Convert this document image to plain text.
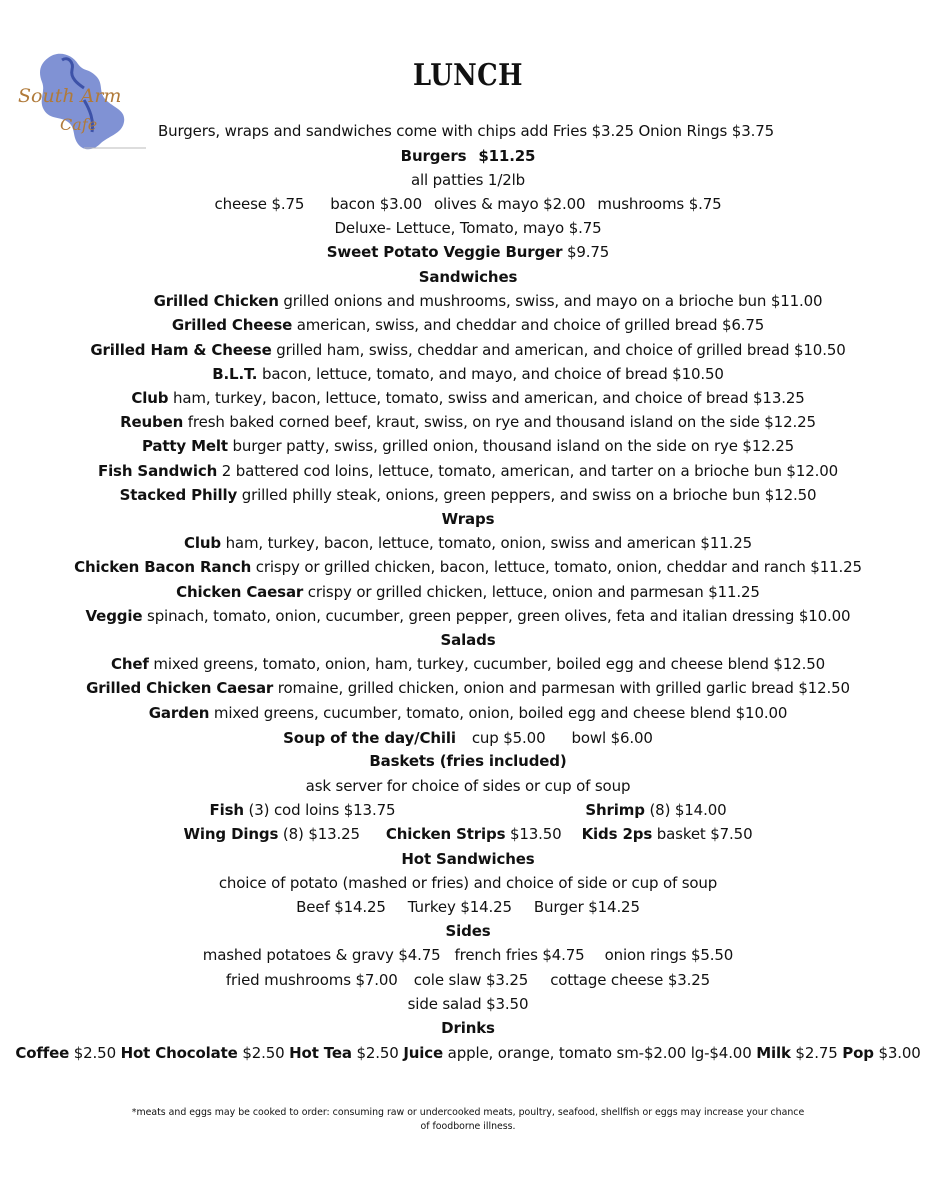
South Arm
Cafe
LUNCH
Burgers, wraps and sandwiches come with chips add Fries $3.25 Onion Rings $3.75
Burgers $11.25
all patties 1/2lb
cheese $.75 bacon $3.00 olives & mayo $2.00 mushrooms $.75
Deluxe- Lettuce, Tomato, mayo $.75
Sweet Potato Veggie Burger $9.75
Sandwiches
Grilled Chicken grilled onions and mushrooms, swiss, and mayo on a brioche bun $11.00
Grilled Cheese american, swiss, and cheddar and choice of grilled bread $6.75
Grilled Ham & Cheese grilled ham, swiss, cheddar and american, and choice of grilled bread $10.50
B.L.T. bacon, lettuce, tomato, and mayo, and choice of bread $10.50
Club ham, turkey, bacon, lettuce, tomato, swiss and american, and choice of bread $13.25
Reuben fresh baked corned beef, kraut, swiss, on rye and thousand island on the side $12.25
Patty Melt burger patty, swiss, grilled onion, thousand island on the side on rye $12.25
Fish Sandwich 2 battered cod loins, lettuce, tomato, american, and tarter on a brioche bun $12.00
Stacked Philly grilled philly steak, onions, green peppers, and swiss on a brioche bun $12.50
Wraps
Club ham, turkey, bacon, lettuce, tomato, onion, swiss and american $11.25
Chicken Bacon Ranch crispy or grilled chicken, bacon, lettuce, tomato, onion, cheddar and ranch $11.25
Chicken Caesar crispy or grilled chicken, lettuce, onion and parmesan $11.25
Veggie spinach, tomato, onion, cucumber, green pepper, green olives, feta and italian dressing $10.00
Salads
Chef mixed greens, tomato, onion, ham, turkey, cucumber, boiled egg and cheese blend $12.50
Grilled Chicken Caesar romaine, grilled chicken, onion and parmesan with grilled garlic bread $12.50
Garden mixed greens, cucumber, tomato, onion, boiled egg and cheese blend $10.00
Soup of the day/Chili cup $5.00 bowl $6.00
Baskets (fries included)
ask server for choice of sides or cup of soup
Fish (3) cod loins $13.75	Shrimp (8) $14.00
Wing Dings (8) $13.25 Chicken Strips $13.50 Kids 2ps basket $7.50
Hot Sandwiches
choice of potato (mashed or fries) and choice of side or cup of soup
Beef $14.25 Turkey $14.25 Burger $14.25
Sides
mashed potatoes & gravy $4.75 french fries $4.75 onion rings $5.50
fried mushrooms $7.00 cole slaw $3.25 cottage cheese $3.25
side salad $3.50
Drinks
Coffee $2.50 Hot Chocolate $2.50 Hot Tea $2.50 Juice apple, orange, tomato sm-$2.00 lg-$4.00 Milk $2.75 Pop $3.00
*meats and eggs may be cooked to order: consuming raw or undercooked meats, poultry, seafood, shellfish or eggs may increase your chance
of foodborne illness.
